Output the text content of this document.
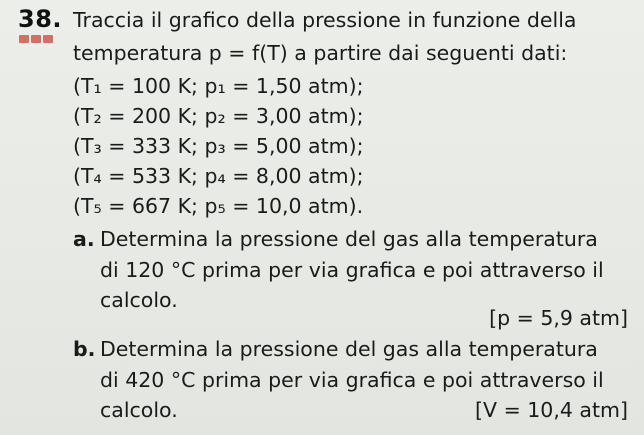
38. Traccia il grafico della pressione in funzione della
temperatura p = f(T) a partire dai seguenti dati:
(T₁ = 100 K; p₁ = 1,50 atm);
(T₂ = 200 K; p₂ = 3,00 atm);
(T₃ = 333 K; p₃ = 5,00 atm);
(T₄ = 533 K; p₄ = 8,00 atm);
(T₅ = 667 K; p₅ = 10,0 atm).
a. Determina la pressione del gas alla temperatura
di 120 °C prima per via grafica e poi attraverso il
calcolo.
[p = 5,9 atm]
b. Determina la pressione del gas alla temperatura
di 420 °C prima per via grafica e poi attraverso il
calcolo.	[V = 10,4 atm]
